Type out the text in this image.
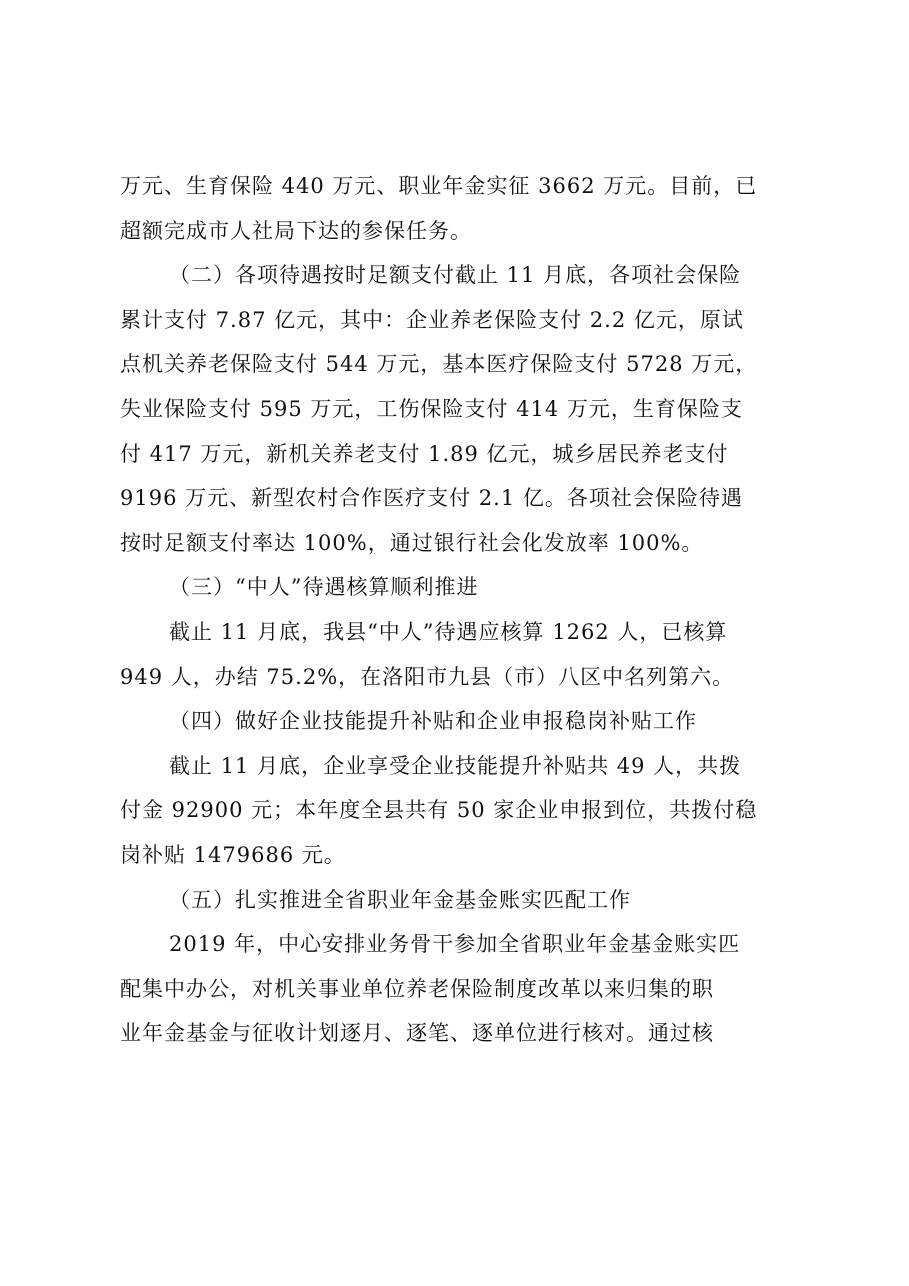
万元、生育保险 440 万元、职业年金实征 3662 万元。目前，已
超额完成市人社局下达的参保任务。
（二）各项待遇按时足额支付截止 11 月底，各项社会保险
累计支付 7.87 亿元，其中：企业养老保险支付 2.2 亿元，原试
点机关养老保险支付 544 万元，基本医疗保险支付 5728 万元，
失业保险支付 595 万元，工伤保险支付 414 万元，生育保险支
付 417 万元，新机关养老支付 1.89 亿元，城乡居民养老支付
9196 万元、新型农村合作医疗支付 2.1 亿。各项社会保险待遇
按时足额支付率达 100%，通过银行社会化发放率 100%。
（三）“中人”待遇核算顺利推进
截止 11 月底，我县“中人”待遇应核算 1262 人，已核算
949 人，办结 75.2%，在洛阳市九县（市）八区中名列第六。
（四）做好企业技能提升补贴和企业申报稳岗补贴工作
截止 11 月底，企业享受企业技能提升补贴共 49 人，共拨
付金 92900 元；本年度全县共有 50 家企业申报到位，共拨付稳
岗补贴 1479686 元。
（五）扎实推进全省职业年金基金账实匹配工作
2019 年，中心安排业务骨干参加全省职业年金基金账实匹
配集中办公，对机关事业单位养老保险制度改革以来归集的职
业年金基金与征收计划逐月、逐笔、逐单位进行核对。通过核
